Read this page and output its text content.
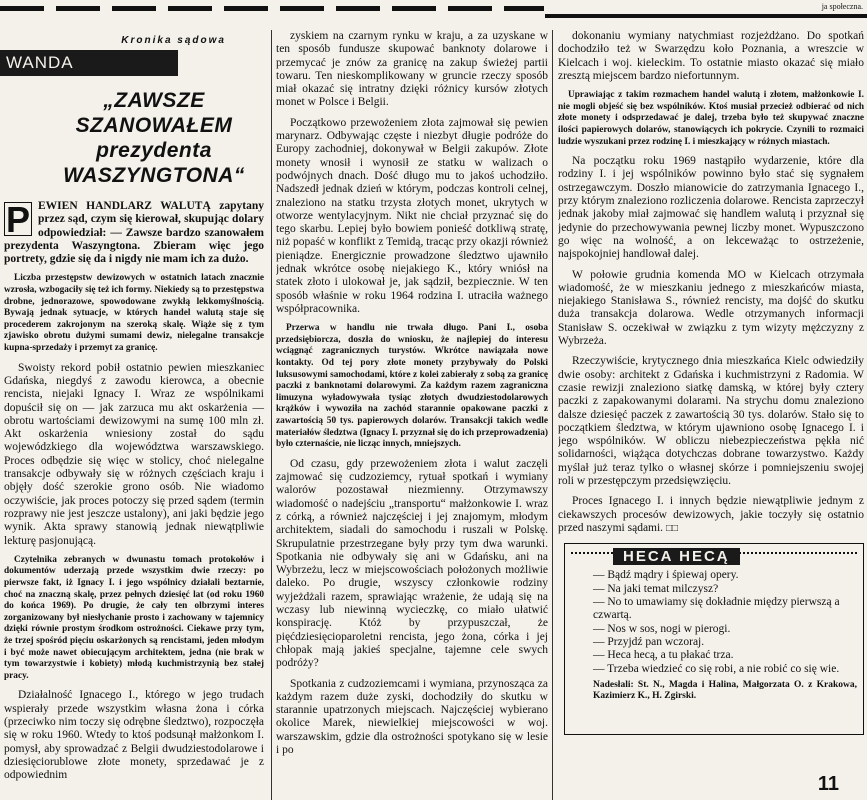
ja społeczna.
Kronika sądowa
WANDA FALKOWSKA
„ZAWSZE SZANOWAŁEM
prezydenta WASZYNGTONA“
P EWIEN HANDLARZ WALUTĄ zapytany przez sąd, czym się kierował, skupując dolary odpowiedział: — Zawsze bardzo szanowałem prezydenta Waszyngtona. Zbieram więc jego portrety, gdzie się da i nigdy nie mam ich za dużo.

Liczba przestępstw dewizowych w ostatnich latach znacznie wzrosła, wzbogaciły się też ich formy. Niekiedy są to przestępstwa drobne, jednorazowe, spowodowane zwykłą lekkomyślnością. Bywają jednak sytuacje, w których handel walutą staje się procederem zakrojonym na szeroką skalę. Wiąże się z tym zjawisko obrotu dużymi sumami dewiz, nielegalne transakcje kupna-sprzedaży i przemyt za granicę.

Swoisty rekord pobił ostatnio pewien mieszkaniec Gdańska, niegdyś z zawodu kierowca, a obecnie rencista, niejaki Ignacy I. Wraz ze wspólnikami dopuścił się on — jak zarzuca mu akt oskarżenia — obrotu wartościami dewizowymi na sumę 100 mln zł. Akt oskarżenia wniesiony został do sądu wojewódzkiego dla województwa warszawskiego. Proces odbędzie się więc w stolicy, choć nielegalne transakcje odbywały się w różnych częściach kraju i objęły dość szerokie grono osób. Nie wiadomo oczywiście, jak proces potoczy się przed sądem (termin rozprawy nie jest jeszcze ustalony), ani jaki będzie jego wynik. Akta sprawy stanowią jednak niewątpliwie lekturę pasjonującą.

Czytelnika zebranych w dwunastu tomach protokołów i dokumentów uderzają przede wszystkim dwie rzeczy: po pierwsze fakt, iż Ignacy I. i jego wspólnicy działali beztarnie, choć na znaczną skalę, przez pełnych dziesięć lat (od roku 1960 do końca 1969). Po drugie, że cały ten olbrzymi interes zorganizowany był niesłychanie prosto i zachowany w tajemnicy dzięki równie prostym środkom ostrożności. Ciekawe przy tym, że trzej spośród pięciu oskarżonych są rencistami, jeden młodym i być może nawet obiecującym architektem, jedna (nie brak w tym towarzystwie i kobiety) młodą kuchmistrzynią bez stałej pracy.

Działalność Ignacego I., którego w jego trudach wspierały przede wszystkim własna żona i córka (przeciwko nim toczy się odrębne śledztwo), rozpoczęła się w roku 1960. Wtedy to ktoś podsunął małżonkom I. pomysł, aby sprowadzać z Belgii dwudziestodolarowe i dziesięciorublowe złote monety, sprzedawać je z odpowiednim

zyskiem na czarnym rynku w kraju, a za uzyskane w ten sposób fundusze skupować banknoty dolarowe i przemycać je znów za granicę na zakup świeżej partii towaru. Ten nieskomplikowany w gruncie rzeczy sposób miał okazać się intratny dzięki różnicy kursów złotych monet w Polsce i Belgii.

Początkowo przewożeniem złota zajmował się pewien marynarz. Odbywając częste i niezbyt długie podróże do Europy zachodniej, dokonywał w Belgii zakupów. Złote monety wnosił i wynosił ze statku w walizach o podwójnych dnach. Dość długo mu to jakoś uchodziło. Nadszedł jednak dzień w którym, podczas kontroli celnej, znaleziono na statku trzysta złotych monet, ukrytych w otworze wentylacyjnym. Nikt nie chciał przyznać się do tego skarbu. Lepiej było bowiem ponieść dotkliwą stratę, niż popaść w konflikt z Temidą, tracąc przy okazji również pieniądze. Energicznie prowadzone śledztwo ujawniło jednak wkrótce osobę niejakiego K., który wniósł na statek złoto i ulokował je, jak sądził, bezpiecznie. W ten sposób właśnie w roku 1964 rodzina I. utraciła ważnego współpracownika.

Przerwa w handlu nie trwała długo. Pani I., osoba przedsiębiorcza, doszła do wniosku, że najlepiej do interesu wciągnąć zagranicznych turystów. Wkrótce nawiązała nowe kontakty. Od tej pory złote monety przybywały do Polski luksusowymi samochodami, które z kolei zabierały z sobą za granicę paczki z banknotami dolarowymi. Za każdym razem zagraniczna limuzyna wyładowywała tysiąc złotych dwudziestodolarowych krążków i wywoziła na zachód starannie opakowane paczki z zawartością 50 tys. papierowych dolarów. Transakcji takich wedle materiałów śledztwa (Ignacy I. przyznał się do ich przeprowadzenia) było czternaście, nie licząc innych, mniejszych.

Od czasu, gdy przewożeniem złota i walut zaczęli zajmować się cudzoziemcy, rytuał spotkań i wymiany walorów pozostawał niezmienny. Otrzymawszy wiadomość o nadejściu „transportu“ małżonkowie I. wraz z córką, a również najczęściej i jej znajomym, młodym architektem, siadali do samochodu i ruszali w Polskę. Skrupulatnie przestrzegane były przy tym dwa warunki. Spotkania nie odbywały się ani w Gdańsku, ani na Wybrzeżu, lecz w miejscowościach położonych możliwie daleko. Po drugie, wszyscy członkowie rodziny wyjeżdżali razem, sprawiając wrażenie, że udają się na wczasy lub niewinną wycieczkę, co miało ułatwić konspirację. Któż by przypuszczał, że pięćdziesięcioparoletni rencista, jego żona, córka i jej chłopak mają jakieś specjalne, tajemne cele swych podróży?

Spotkania z cudzoziemcami i wymiana, przynosząca za każdym razem duże zyski, dochodziły do skutku w starannie upatrzonych miejscach. Najczęściej wybierano okolice Marek, niewielkiej miejscowości w woj. warszawskim, gdzie dla ostrożności spotykano się w lesie i po

dokonaniu wymiany natychmiast rozjeżdżano. Do spotkań dochodziło też w Swarzędzu koło Poznania, a wreszcie w Kielcach i woj. kieleckim. To ostatnie miasto okazać się miało zresztą miejscem bardzo niefortunnym.

Uprawiając z takim rozmachem handel walutą i złotem, małżonkowie I. nie mogli objeść się bez wspólników. Ktoś musiał przecież odbierać od nich złote monety i odsprzedawać je dalej, trzeba było też skupywać znaczne ilości papierowych dolarów, stanowiących ich pokrycie. Czynili to rozmaici ludzie wyszukani przez rodzinę I. i mieszkający w różnych miastach.

Na początku roku 1969 nastąpiło wydarzenie, które dla rodziny I. i jej wspólników powinno było stać się sygnałem ostrzegawczym. Doszło mianowicie do zatrzymania Ignacego I., przy którym znaleziono rozliczenia dolarowe. Rencista zaprzeczył jednak jakoby miał zajmować się handlem walutą i przyznał się jedynie do przechowywania pewnej liczby monet. Wypuszczono go więc na wolność, a on lekceważąc to ostrzeżenie, najspokojniej handlował dalej.

W połowie grudnia komenda MO w Kielcach otrzymała wiadomość, że w mieszkaniu jednego z mieszkańców miasta, niejakiego Stanisława S., również rencisty, ma dojść do skutku duża transakcja dolarowa. Wedle otrzymanych informacji Stanisław S. oczekiwał w związku z tym wizyty mężczyzny z Wybrzeża.

Rzeczywiście, krytycznego dnia mieszkańca Kielc odwiedziły dwie osoby: architekt z Gdańska i kuchmistrzyni z Radomia. W czasie rewizji znaleziono siatkę damską, w której były cztery paczki z zapakowanymi dolarami. Na strychu domu znaleziono dalsze dziesięć paczek z zawartością 30 tys. dolarów. Stało się to początkiem śledztwa, w którym ujawniono osobę Ignacego I. i jego wspólników. W obliczu niebezpieczeństwa pękła nić solidarności, wiążąca dotychczas dobrane towarzystwo. Każdy myślał już teraz tylko o własnej skórze i pomniejszeniu swojej roli w przestępczym przedsięwzięciu.

Proces Ignacego I. i innych będzie niewątpliwie jednym z ciekawszych procesów dewizowych, jakie toczyły się ostatnio przed naszymi sądami. □□

HECA HECĄ
— Bądź mądry i śpiewaj opery.
— Na jaki temat milczysz?
— No to umawiamy się dokładnie między pierwszą a czwartą.
— Nos w sos, nogi w pierogi.
— Przyjdź pan wczoraj.
— Heca hecą, a tu płakać trza.
— Trzeba wiedzieć co się robi, a nie robić co się wie.
Nadesłali: St. N., Magda i Halina, Małgorzata O. z Krakowa, Kazimierz K., H. Zgirski.
11
